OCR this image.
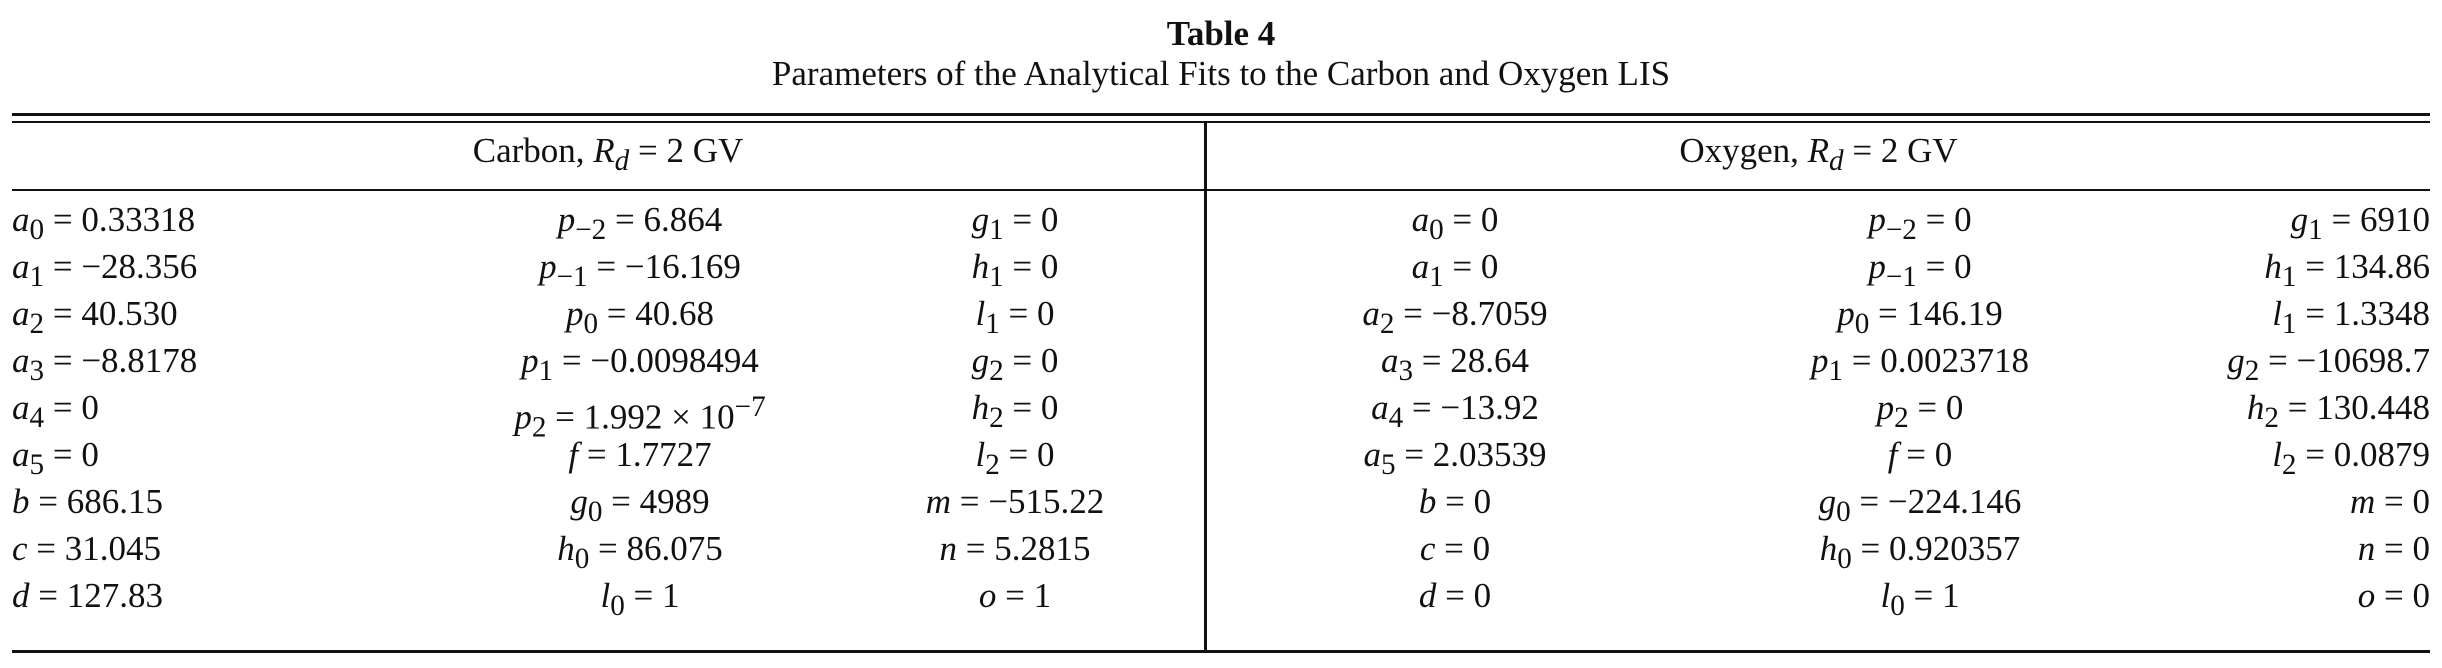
Table 4
Parameters of the Analytical Fits to the Carbon and Oxygen LIS
Carbon, $R_d = 2$ GV	Oxygen, $R_d = 2$ GV
$a_0 = 0.33318$
$a_1 = -28.356$
$a_2 = 40.530$
$a_3 = -8.8178$
$a_4 = 0$
$a_5 = 0$
b = 686.15
c = 31.045
d = 127.83
$p_{-2} = 6.864$
$p_{-1} = -16.169$
$p_0 = 40.68$
$p_1 = -0.0098494$
$p_2 = 1.992 \times 10^{-7}$
f = 1.7727
$g_0 = 4989$
$h_0 = 86.075$
$l_0 = 1$
$g_1 = 0$
$h_1 = 0$
$l_1 = 0$
$g_2 = 0$
$h_2 = 0$
$l_2 = 0$
m = −515.22
n = 5.2815
o = 1
$a_0 = 0$
$a_1 = 0$
$a_2 = -8.7059$
$a_3 = 28.64$
$a_4 = -13.92$
$a_5 = 2.03539$
b = 0
c = 0
d = 0
$p_{-2} = 0$
$p_{-1} = 0$
$p_0 = 146.19$
$p_1 = 0.0023718$
$p_2 = 0$
f = 0
$g_0 = -224.146$
$h_0 = 0.920357$
$l_0 = 1$
$g_1 = 6910$
$h_1 = 134.86$
$l_1 = 1.3348$
$g_2 = -10698.7$
$h_2 = 130.448$
$l_2 = 0.0879$
m = 0
n = 0
o = 0
